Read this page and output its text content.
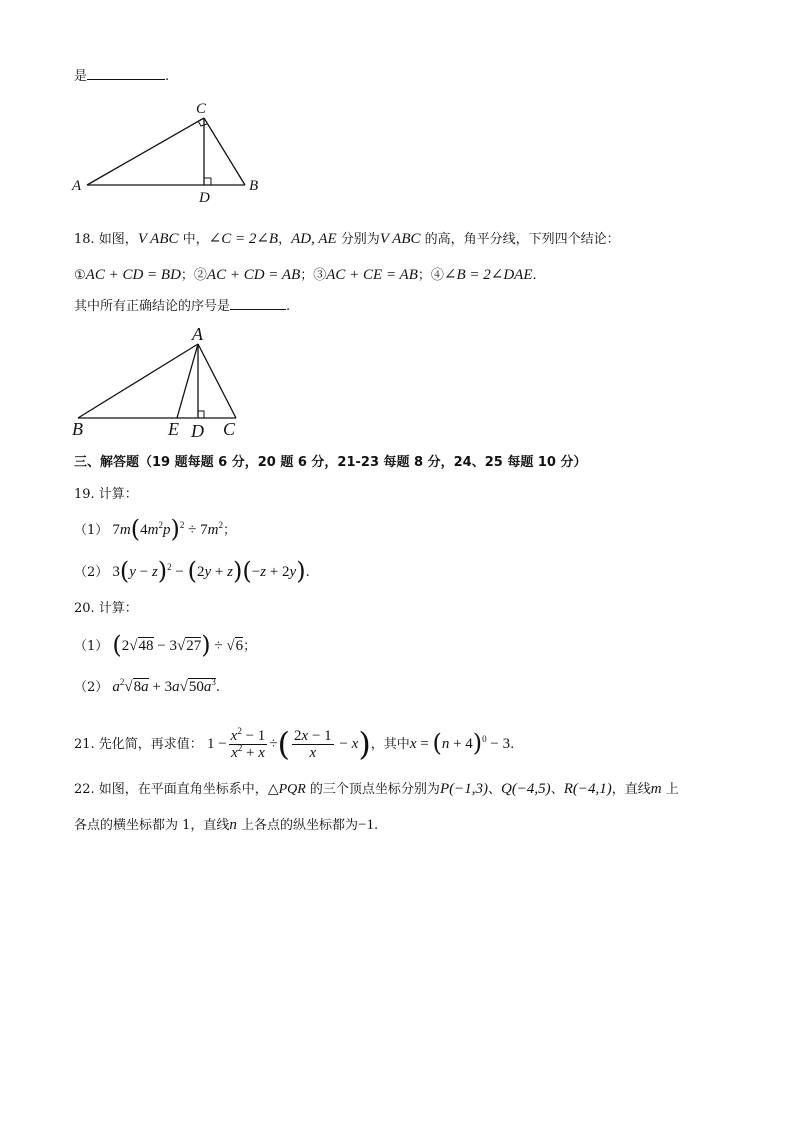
是	.
A	B
C
D
18. 如图，V ABC 中，∠C = 2∠B，AD, AE 分别为V ABC 的高，角平分线，下列四个结论：
①AC + CD = BD；②AC + CD = AB；③AC + CE = AB；④∠B = 2∠DAE.
其中所有正确结论的序号是	.
A
B	E D C
三、解答题（19 题每题 6 分，20 题 6 分，21-23 每题 8 分，24、25 每题 10 分）
19. 计算：
（1） $7m(4m^2p)^2 \div 7m^2$；
（2） $3(y - z)^2 - (2y + z)(-z + 2y)$.
20. 计算：
（1） (2√48 − 3√27) ÷ √6；
（2） $a^2√8a + 3a√50a^3$.
21. 先化简，再求值： $1 - \frac{x^2 - 1}{x^2 + x}$ ÷( $\frac{2x - 1}{x} - x$)，其中$x = (n + 4)^0 - 3$.
22. 如图，在平面直角坐标系中，△PQR 的三个顶点坐标分别为P(−1,3)、Q(−4,5)、R(−4,1)，直线m 上
各点的横坐标都为 1，直线n 上各点的纵坐标都为−1.
